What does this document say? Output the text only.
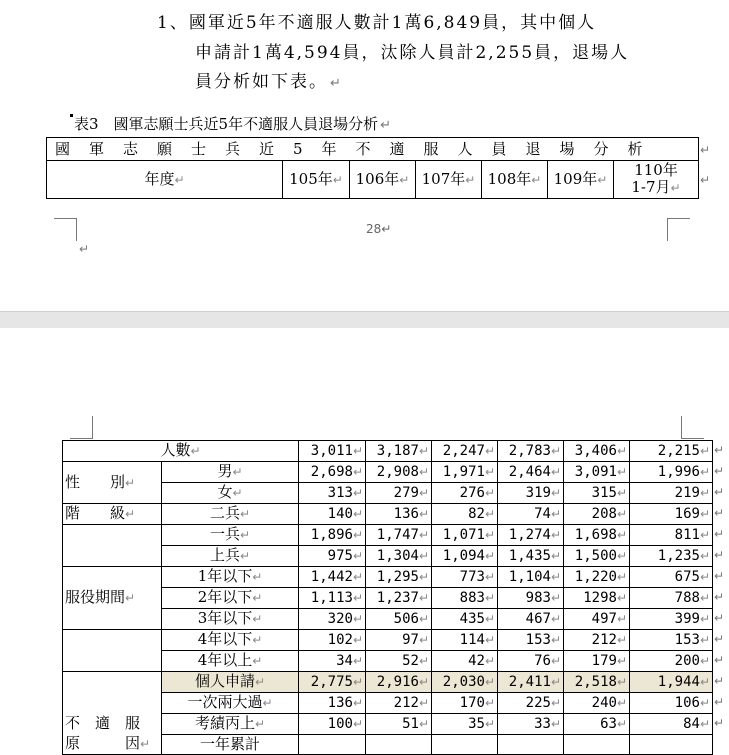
1、國軍近5年不適服人數計1萬6,849員，其中個人
申請計1萬4,594員，汰除人員計2,255員，退場人
員分析如下表。 ↵
表3　國軍志願士兵近5年不適服人員退場分析 ↵
國軍志願士兵近5年不適服人員退場分析
年度↵	105年↵	106年↵	107年↵	108年↵	109年↵	110年
1-7月↵
↵
↵
↵
28↵
人數↵		3,011↵	3,187↵	2,247↵	2,783↵	3,406↵	2,215↵
性　　別↵	男↵	2,698↵	2,908↵	1,971↵	2,464↵	3,091↵	1,996↵
	女↵	313↵	279↵	276↵	319↵	315↵	219↵
階　　級↵	二兵↵	140↵	136↵	82↵	74↵	208↵	169↵
	一兵↵	1,896↵	1,747↵	1,071↵	1,274↵	1,698↵	811↵
	上兵↵	975↵	1,304↵	1,094↵	1,435↵	1,500↵	1,235↵
服役期間↵	1年以下↵	1,442↵	1,295↵	773↵	1,104↵	1,220↵	675↵
	2年以下↵	1,113↵	1,237↵	883↵	983↵	1298↵	788↵
	3年以下↵	320↵	506↵	435↵	467↵	497↵	399↵
	4年以下↵	102↵	97↵	114↵	153↵	212↵	153↵
	4年以上↵	34↵	52↵	42↵	76↵	179↵	200↵
不　適　服
原　　　因↵	個人申請↵	2,775↵	2,916↵	2,030↵	2,411↵	2,518↵	1,944↵
	一次兩大過↵	136↵	212↵	170↵	225↵	240↵	106↵
	考績丙上↵	100↵	51↵	35↵	33↵	63↵	84↵
	一年累計						
↵
↵
↵
↵
↵
↵
↵
↵
↵
↵
↵
↵
↵
↵
